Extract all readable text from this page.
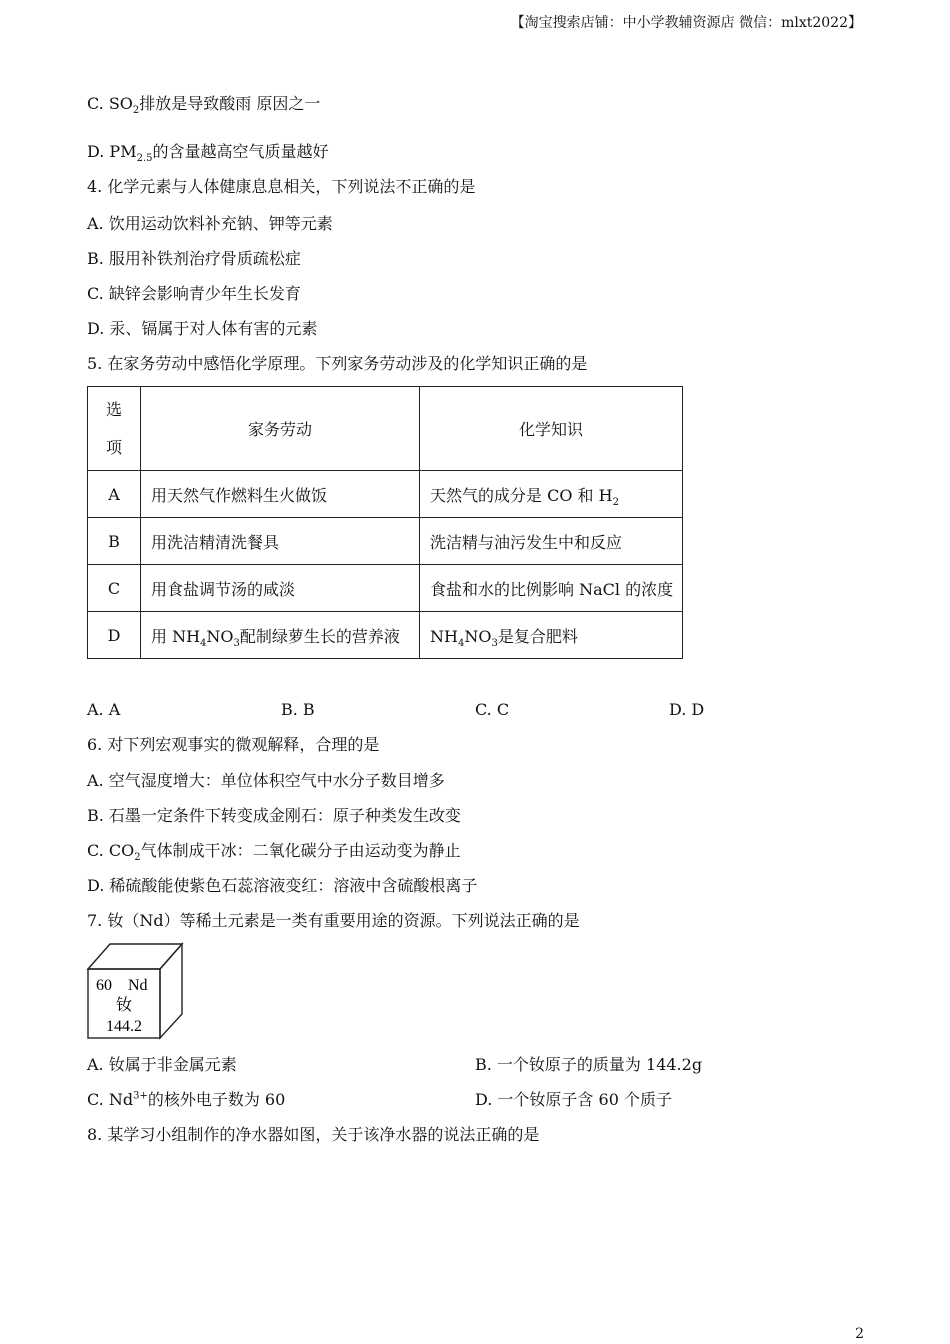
【淘宝搜索店铺：中小学教辅资源店 微信：mlxt2022】
C. $SO_2$排放是导致酸雨 原因之一
D. $PM_{2.5}$的含量越高空气质量越好
4. 化学元素与人体健康息息相关，下列说法不正确的是
A. 饮用运动饮料补充钠、钾等元素
B. 服用补铁剂治疗骨质疏松症
C. 缺锌会影响青少年生长发育
D. 汞、镉属于对人体有害的元素
5. 在家务劳动中感悟化学原理。下列家务劳动涉及的化学知识正确的是
选
项	家务劳动	化学知识
A	用天然气作燃料生火做饭	天然气的成分是 CO 和 $H_2$
B	用洗洁精清洗餐具	洗洁精与油污发生中和反应
C	用食盐调节汤的咸淡	食盐和水的比例影响 NaCl 的浓度
D	用 $NH_4NO_3$配制绿萝生长的营养液	$NH_4NO_3$是复合肥料
A. A	B. B	C. C	D. D
6. 对下列宏观事实的微观解释，合理的是
A. 空气湿度增大：单位体积空气中水分子数目增多
B. 石墨一定条件下转变成金刚石：原子种类发生改变
C. $CO_2$气体制成干冰：二氧化碳分子由运动变为静止
D. 稀硫酸能使紫色石蕊溶液变红：溶液中含硫酸根离子
7. 钕（Nd）等稀土元素是一类有重要用途的资源。下列说法正确的是
60 Nd
钕
144.2
A. 钕属于非金属元素	B. 一个钕原子的质量为 144.2g
C. $Nd^{3+}$的核外电子数为 60	D. 一个钕原子含 60 个质子
8. 某学习小组制作的净水器如图，关于该净水器的说法正确的是
2
